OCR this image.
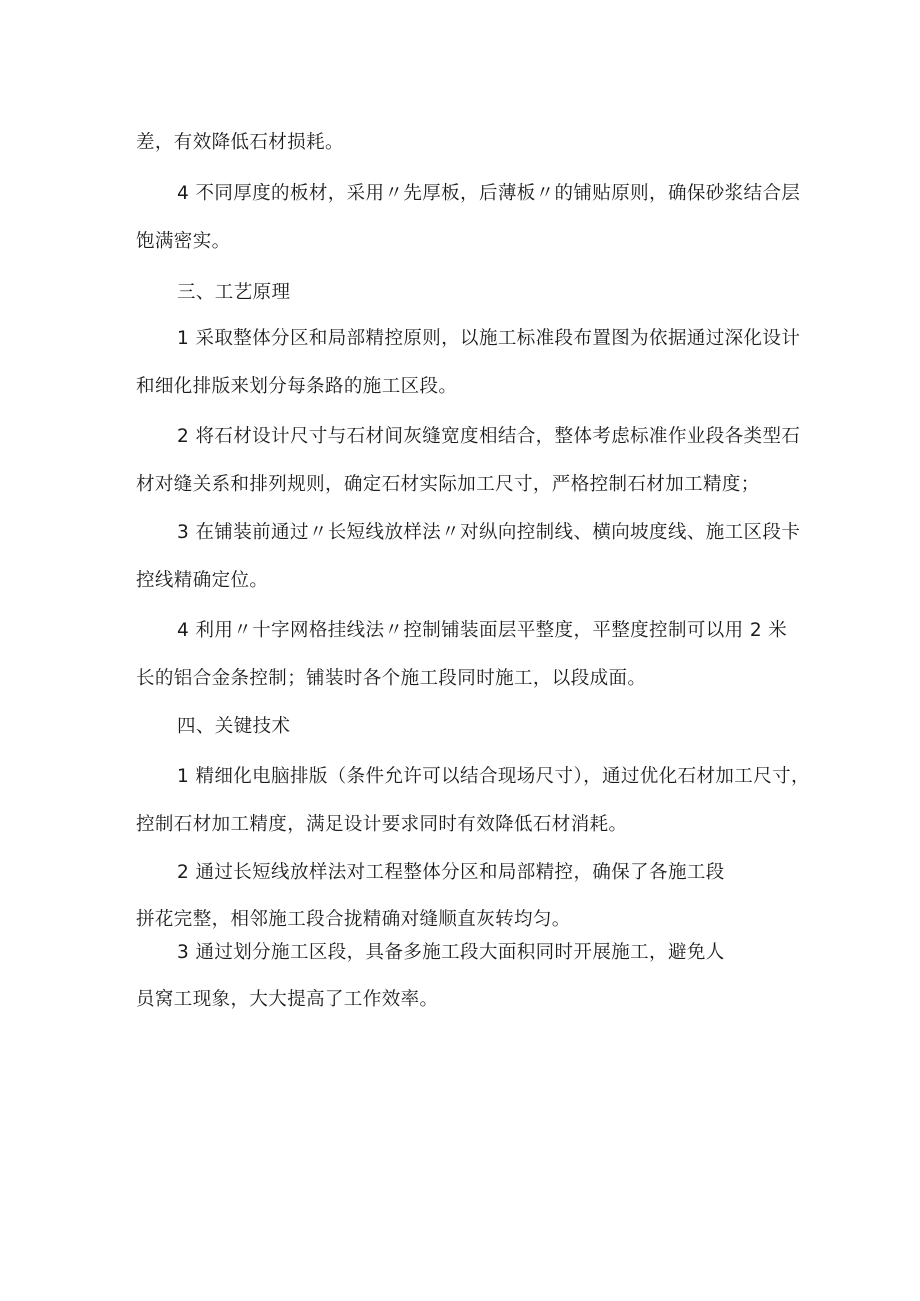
差，有效降低石材损耗。
4 不同厚度的板材，采用〃先厚板，后薄板〃的铺贴原则，确保砂浆结合层
饱满密实。
三、工艺原理
1 采取整体分区和局部精控原则，以施工标准段布置图为依据通过深化设计
和细化排版来划分每条路的施工区段。
2 将石材设计尺寸与石材间灰缝宽度相结合，整体考虑标准作业段各类型石
材对缝关系和排列规则，确定石材实际加工尺寸，严格控制石材加工精度；
3 在铺装前通过〃长短线放样法〃对纵向控制线、横向坡度线、施工区段卡
控线精确定位。
4 利用〃十字网格挂线法〃控制铺装面层平整度，平整度控制可以用 2 米
长的铝合金条控制；铺装时各个施工段同时施工，以段成面。
四、关键技术
1 精细化电脑排版（条件允许可以结合现场尺寸），通过优化石材加工尺寸，
控制石材加工精度，满足设计要求同时有效降低石材消耗。
2 通过长短线放样法对工程整体分区和局部精控，确保了各施工段
拼花完整，相邻施工段合拢精确对缝顺直灰转均匀。
3 通过划分施工区段，具备多施工段大面积同时开展施工，避免人
员窝工现象，大大提高了工作效率。
